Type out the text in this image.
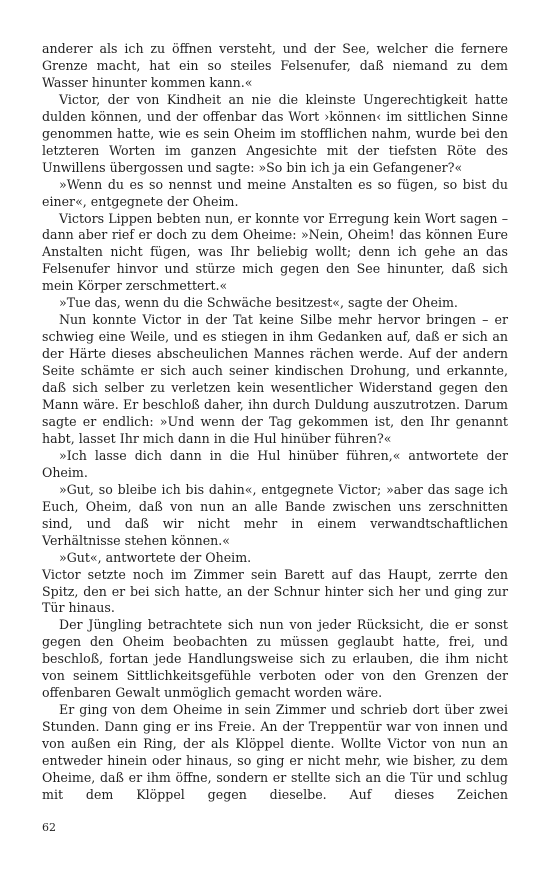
anderer als ich zu öffnen versteht, und der See, welcher die fernere Grenze macht, hat ein so steiles Felsenufer, daß niemand zu dem Wasser hinunter kommen kann.«

Victor, der von Kindheit an nie die kleinste Ungerechtigkeit hatte dulden können, und der offenbar das Wort ›können‹ im sittlichen Sinne genommen hatte, wie es sein Oheim im stofflichen nahm, wurde bei den letzteren Worten im ganzen Angesichte mit der tiefsten Röte des Unwillens übergossen und sagte: »So bin ich ja ein Gefangener?«

»Wenn du es so nennst und meine Anstalten es so fügen, so bist du einer«, entgegnete der Oheim.

Victors Lippen bebten nun, er konnte vor Erregung kein Wort sagen – dann aber rief er doch zu dem Oheime: »Nein, Oheim! das können Eure Anstalten nicht fügen, was Ihr beliebig wollt; denn ich gehe an das Felsenufer hinvor und stürze mich gegen den See hinunter, daß sich mein Körper zerschmettert.«

»Tue das, wenn du die Schwäche besitzest«, sagte der Oheim.

Nun konnte Victor in der Tat keine Silbe mehr hervor bringen – er schwieg eine Weile, und es stiegen in ihm Gedanken auf, daß er sich an der Härte dieses abscheulichen Mannes rächen werde. Auf der andern Seite schämte er sich auch seiner kindischen Drohung, und erkannte, daß sich selber zu verletzen kein wesentlicher Widerstand gegen den Mann wäre. Er beschloß daher, ihn durch Duldung auszutrotzen. Darum sagte er endlich: »Und wenn der Tag gekommen ist, den Ihr genannt habt, lasset Ihr mich dann in die Hul hinüber führen?«

»Ich lasse dich dann in die Hul hinüber führen,« antwortete der Oheim.

»Gut, so bleibe ich bis dahin«, entgegnete Victor; »aber das sage ich Euch, Oheim, daß von nun an alle Bande zwischen uns zerschnitten sind, und daß wir nicht mehr in einem verwandtschaftlichen Verhältnisse stehen können.«

»Gut«, antwortete der Oheim.

Victor setzte noch im Zimmer sein Barett auf das Haupt, zerrte den Spitz, den er bei sich hatte, an der Schnur hinter sich her und ging zur Tür hinaus.

Der Jüngling betrachtete sich nun von jeder Rücksicht, die er sonst gegen den Oheim beobachten zu müssen geglaubt hatte, frei, und beschloß, fortan jede Handlungsweise sich zu erlauben, die ihm nicht von seinem Sittlichkeitsgefühle verboten oder von den Grenzen der offenbaren Gewalt unmöglich gemacht worden wäre.

Er ging von dem Oheime in sein Zimmer und schrieb dort über zwei Stunden. Dann ging er ins Freie. An der Treppentür war von innen und von außen ein Ring, der als Klöppel diente. Wollte Victor von nun an entweder hinein oder hinaus, so ging er nicht mehr, wie bisher, zu dem Oheime, daß er ihm öffne, sondern er stellte sich an die Tür und schlug mit dem Klöppel gegen dieselbe. Auf dieses Zeichen

62
